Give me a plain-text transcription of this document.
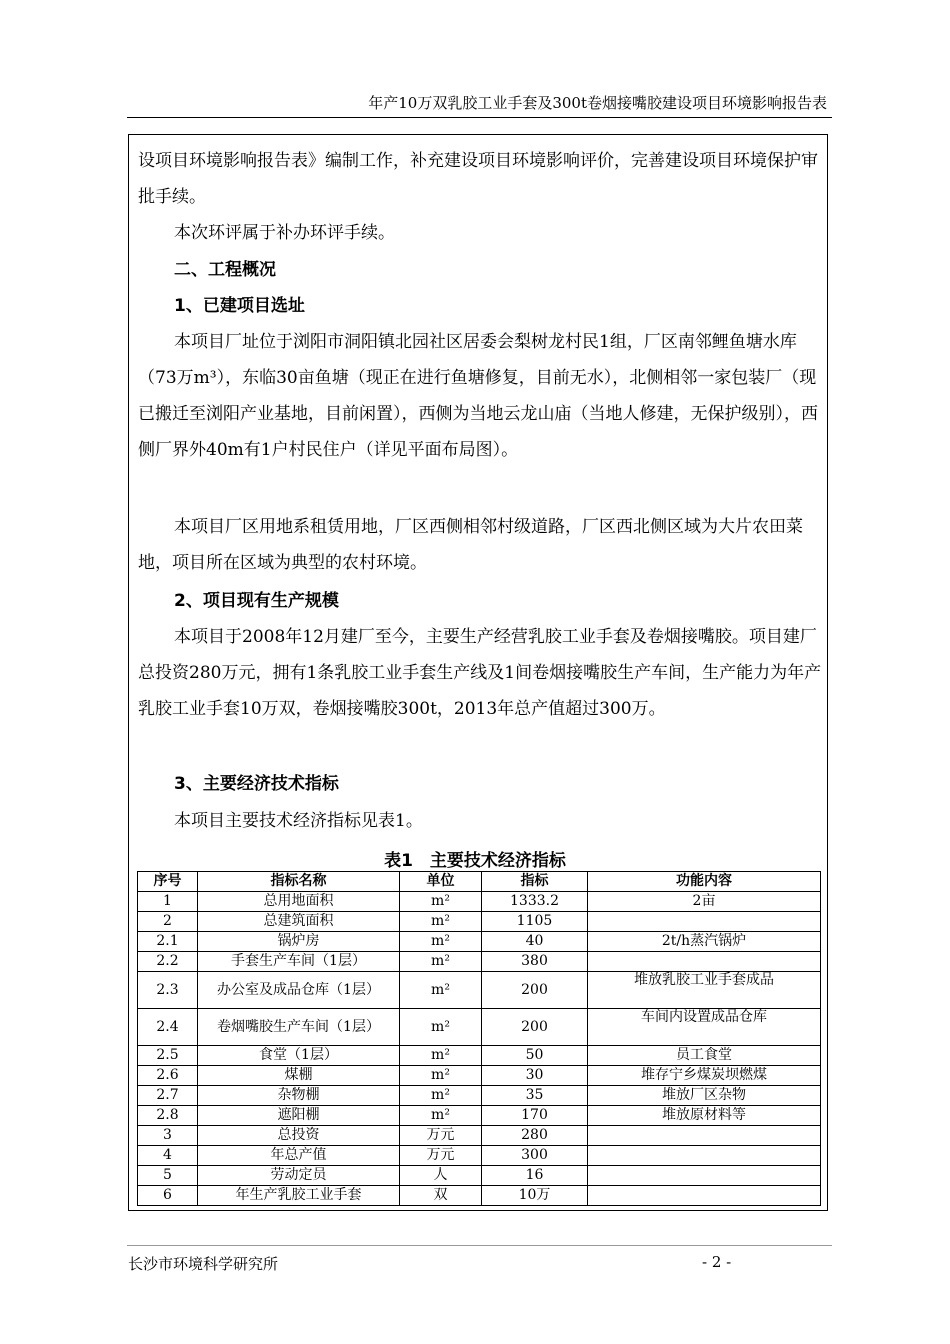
年产10万双乳胶工业手套及300t卷烟接嘴胶建设项目环境影响报告表

设项目环境影响报告表》编制工作，补充建设项目环境影响评价，完善建设项目环境保护审批手续。

本次环评属于补办环评手续。

二、工程概况

1、已建项目选址

本项目厂址位于浏阳市洞阳镇北园社区居委会梨树龙村民1组，厂区南邻鲤鱼塘水库（73万m³），东临30亩鱼塘（现正在进行鱼塘修复，目前无水），北侧相邻一家包装厂（现已搬迁至浏阳产业基地，目前闲置），西侧为当地云龙山庙（当地人修建，无保护级别），西侧厂界外40m有1户村民住户（详见平面布局图）。

本项目厂区用地系租赁用地，厂区西侧相邻村级道路，厂区西北侧区域为大片农田菜地，项目所在区域为典型的农村环境。

2、项目现有生产规模

本项目于2008年12月建厂至今，主要生产经营乳胶工业手套及卷烟接嘴胶。项目建厂总投资280万元，拥有1条乳胶工业手套生产线及1间卷烟接嘴胶生产车间，生产能力为年产乳胶工业手套10万双，卷烟接嘴胶300t，2013年总产值超过300万。

3、主要经济技术指标

本项目主要技术经济指标见表1。

表1　主要技术经济指标
序号	指标名称	单位	指标	功能内容
1	总用地面积	m²	1333.2	2亩
2	总建筑面积	m²	1105	
2.1	锅炉房	m²	40	2t/h蒸汽锅炉
2.2	手套生产车间（1层）	m²	380	
2.3	办公室及成品仓库（1层）	m²	200	堆放乳胶工业手套成品
2.4	卷烟嘴胶生产车间（1层）	m²	200	车间内设置成品仓库
2.5	食堂（1层）	m²	50	员工食堂
2.6	煤棚	m²	30	堆存宁乡煤炭坝燃煤
2.7	杂物棚	m²	35	堆放厂区杂物
2.8	遮阳棚	m²	170	堆放原材料等
3	总投资	万元	280	
4	年总产值	万元	300	
5	劳动定员	人	16	
6	年生产乳胶工业手套	双	10万	
长沙市环境科学研究所	- 2 -
